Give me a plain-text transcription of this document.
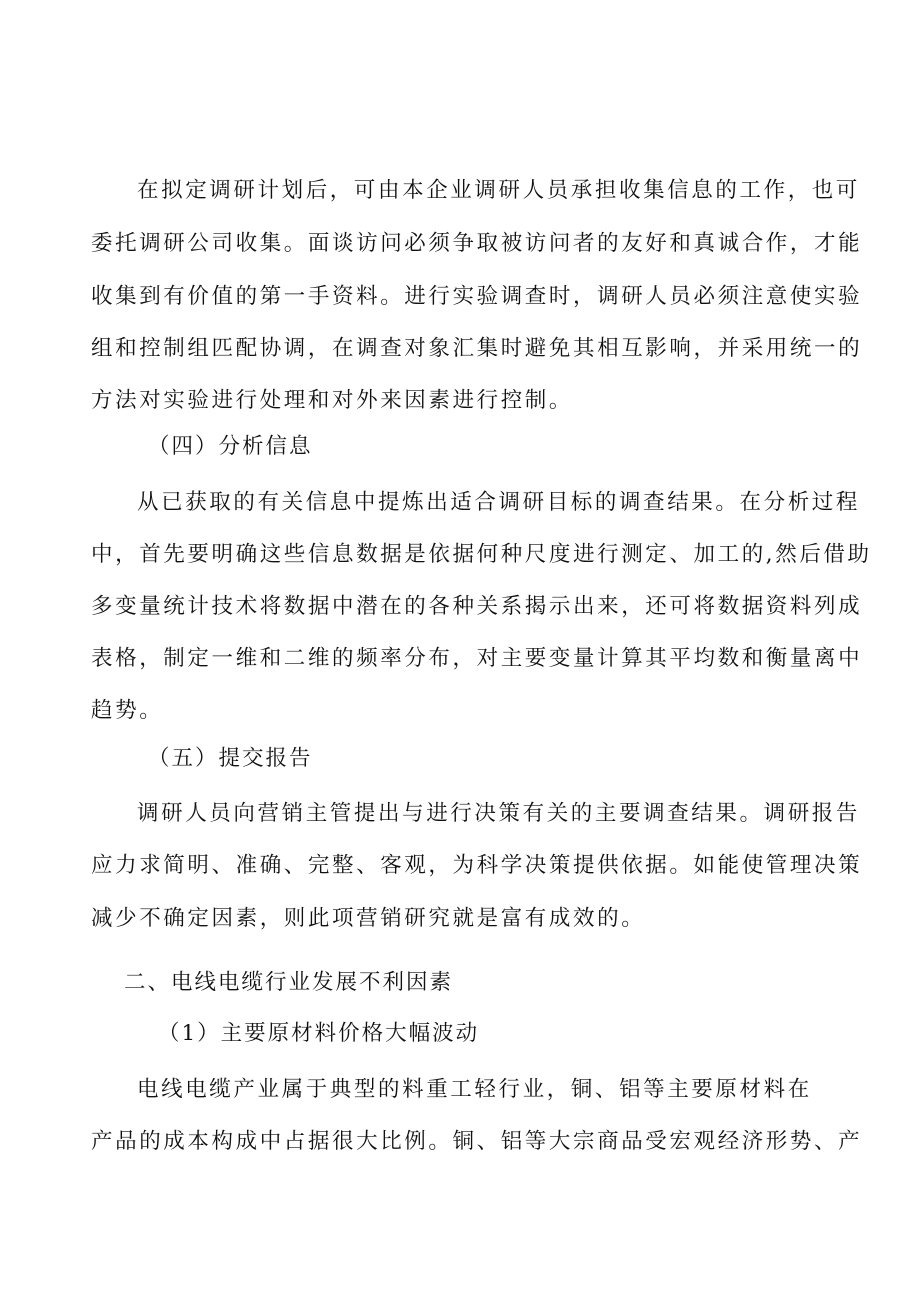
在拟定调研计划后，可由本企业调研人员承担收集信息的工作，也可

委托调研公司收集。面谈访问必须争取被访问者的友好和真诚合作，才能

收集到有价值的第一手资料。进行实验调查时，调研人员必须注意使实验

组和控制组匹配协调，在调查对象汇集时避免其相互影响，并采用统一的

方法对实验进行处理和对外来因素进行控制。

（四）分析信息

从已获取的有关信息中提炼出适合调研目标的调查结果。在分析过程

中，首先要明确这些信息数据是依据何种尺度进行测定、加工的,然后借助

多变量统计技术将数据中潜在的各种关系揭示出来，还可将数据资料列成

表格，制定一维和二维的频率分布，对主要变量计算其平均数和衡量离中

趋势。

（五）提交报告

调研人员向营销主管提出与进行决策有关的主要调查结果。调研报告

应力求简明、准确、完整、客观，为科学决策提供依据。如能使管理决策

减少不确定因素，则此项营销研究就是富有成效的。

二、电线电缆行业发展不利因素

（1）主要原材料价格大幅波动

电线电缆产业属于典型的料重工轻行业，铜、铝等主要原材料在

产品的成本构成中占据很大比例。铜、铝等大宗商品受宏观经济形势、产
